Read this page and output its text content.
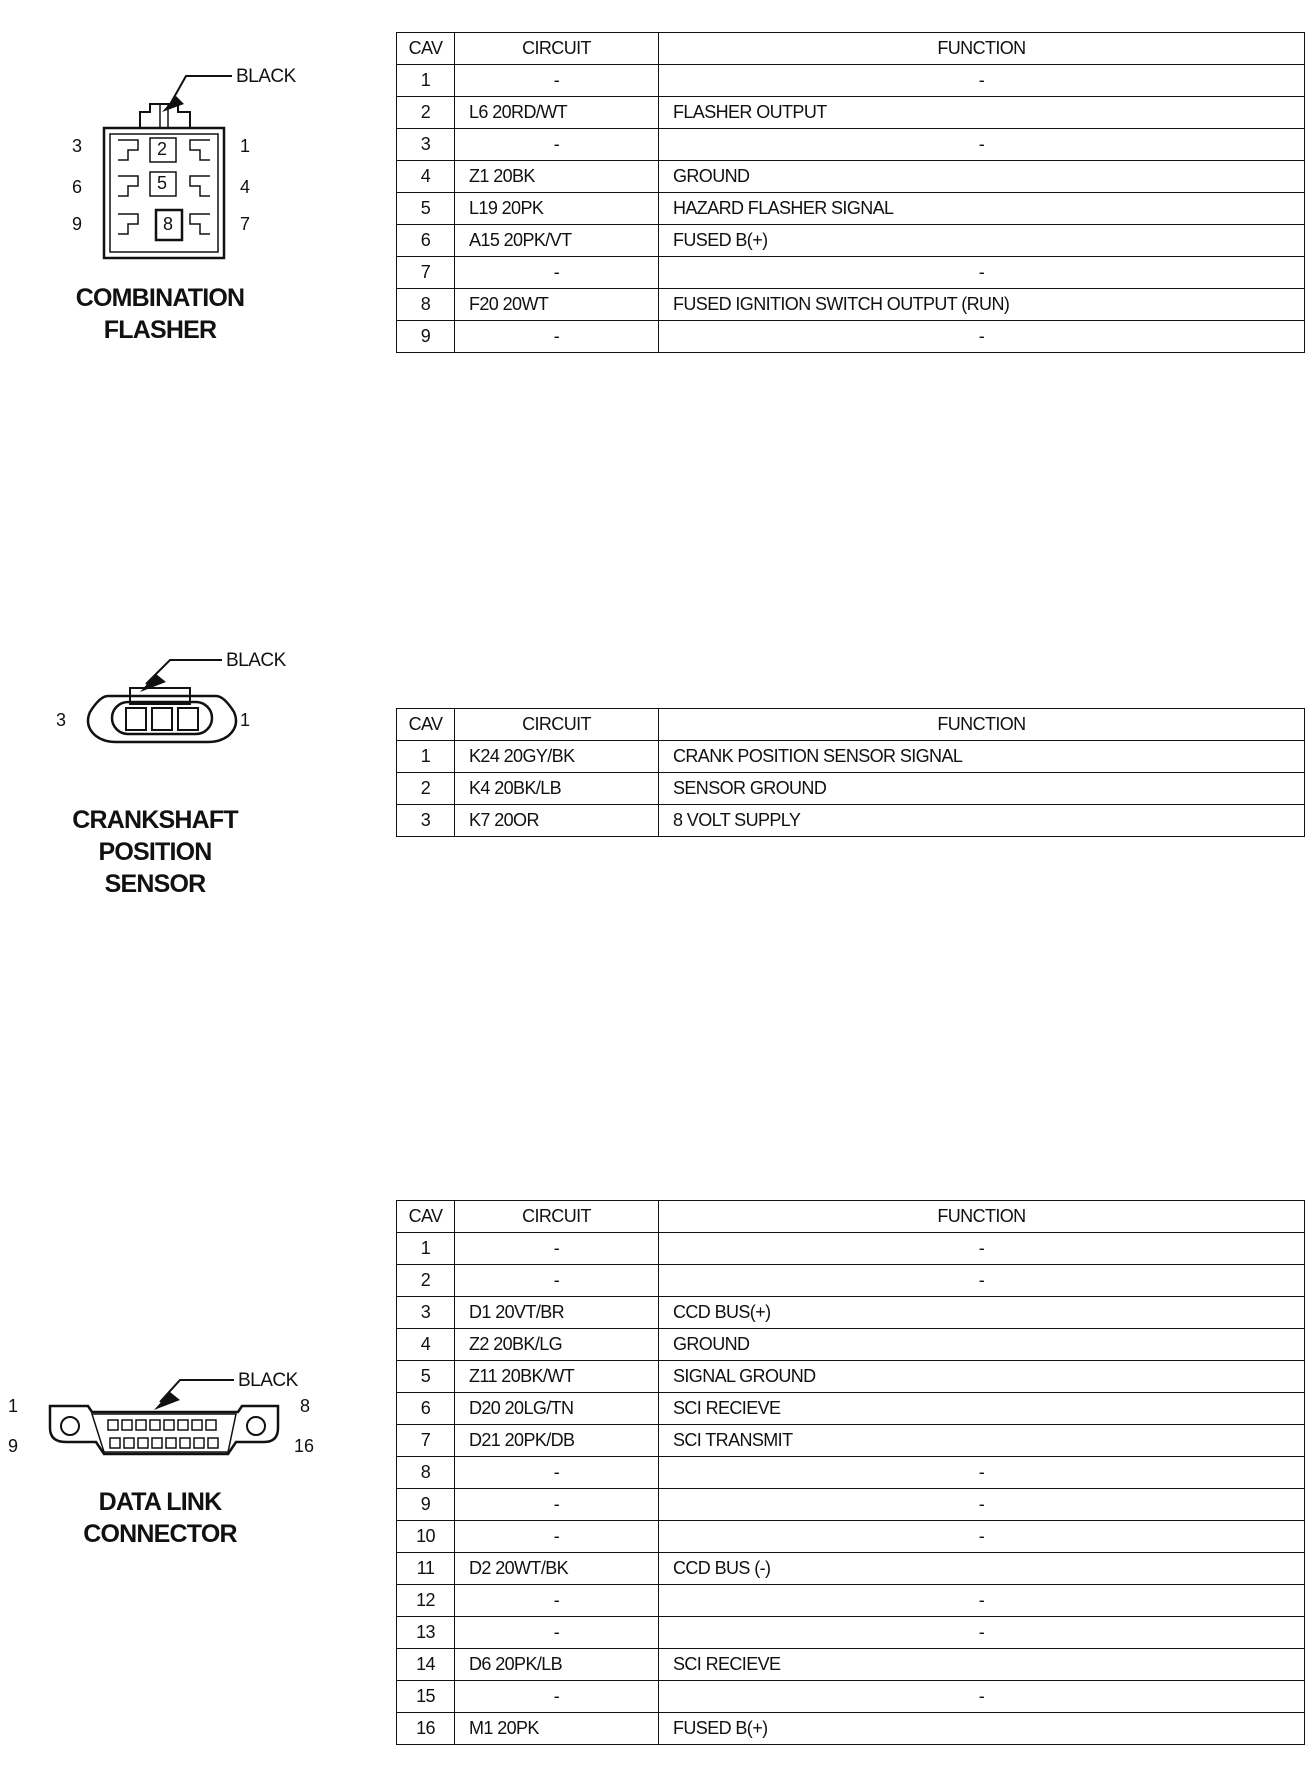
BLACK
3
6
9
1
4
7
2
5
8
COMBINATION
FLASHER
CAV	CIRCUIT	FUNCTION
1	-	-
2	L6 20RD/WT	FLASHER OUTPUT
3	-	-
4	Z1 20BK	GROUND
5	L19 20PK	HAZARD FLASHER SIGNAL
6	A15 20PK/VT	FUSED B(+)
7	-	-
8	F20 20WT	FUSED IGNITION SWITCH OUTPUT (RUN)
9	-	-
BLACK
3	1
CRANKSHAFT
POSITION
SENSOR
CAV	CIRCUIT	FUNCTION
1	K24 20GY/BK	CRANK POSITION SENSOR SIGNAL
2	K4 20BK/LB	SENSOR GROUND
3	K7 20OR	8 VOLT SUPPLY
BLACK
1
9
8
16
DATA LINK
CONNECTOR
CAV	CIRCUIT	FUNCTION
1	-	-
2	-	-
3	D1 20VT/BR	CCD BUS(+)
4	Z2 20BK/LG	GROUND
5	Z11 20BK/WT	SIGNAL GROUND
6	D20 20LG/TN	SCI RECIEVE
7	D21 20PK/DB	SCI TRANSMIT
8	-	-
9	-	-
10	-	-
11	D2 20WT/BK	CCD BUS (-)
12	-	-
13	-	-
14	D6 20PK/LB	SCI RECIEVE
15	-	-
16	M1 20PK	FUSED B(+)
